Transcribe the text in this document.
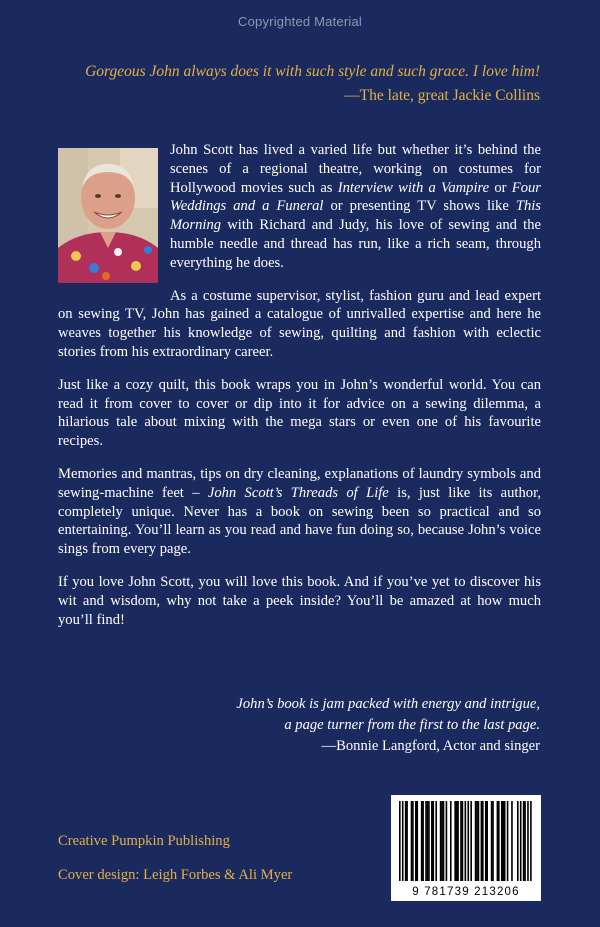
Copyrighted Material
Gorgeous John always does it with such style and such grace. I love him!
—The late, great Jackie Collins

John Scott has lived a varied life but whether it’s behind the scenes of a regional theatre, working on costumes for Hollywood movies such as Interview with a Vampire or Four Weddings and a Funeral or presenting TV shows like This Morning with Richard and Judy, his love of sewing and the humble needle and thread has run, like a rich seam, through everything he does.

As a costume supervisor, stylist, fashion guru and lead expert on sewing TV, John has gained a catalogue of unrivalled expertise and here he weaves together his knowledge of sewing, quilting and fashion with eclectic stories from his extraordinary career.

Just like a cozy quilt, this book wraps you in John’s wonderful world. You can read it from cover to cover or dip into it for advice on a sewing dilemma, a hilarious tale about mixing with the mega stars or even one of his favourite recipes.

Memories and mantras, tips on dry cleaning, explanations of laundry symbols and sewing-machine feet – John Scott’s Threads of Life is, just like its author, completely unique. Never has a book on sewing been so practical and so entertaining. You’ll learn as you read and have fun doing so, because John’s voice sings from every page.

If you love John Scott, you will love this book. And if you’ve yet to discover his wit and wisdom, why not take a peek inside? You’ll be amazed at how much you’ll find!

John’s book is jam packed with energy and intrigue,
a page turner from the first to the last page.
—Bonnie Langford, Actor and singer
Creative Pumpkin Publishing
Cover design: Leigh Forbes & Ali Myer
9 781739 213206
